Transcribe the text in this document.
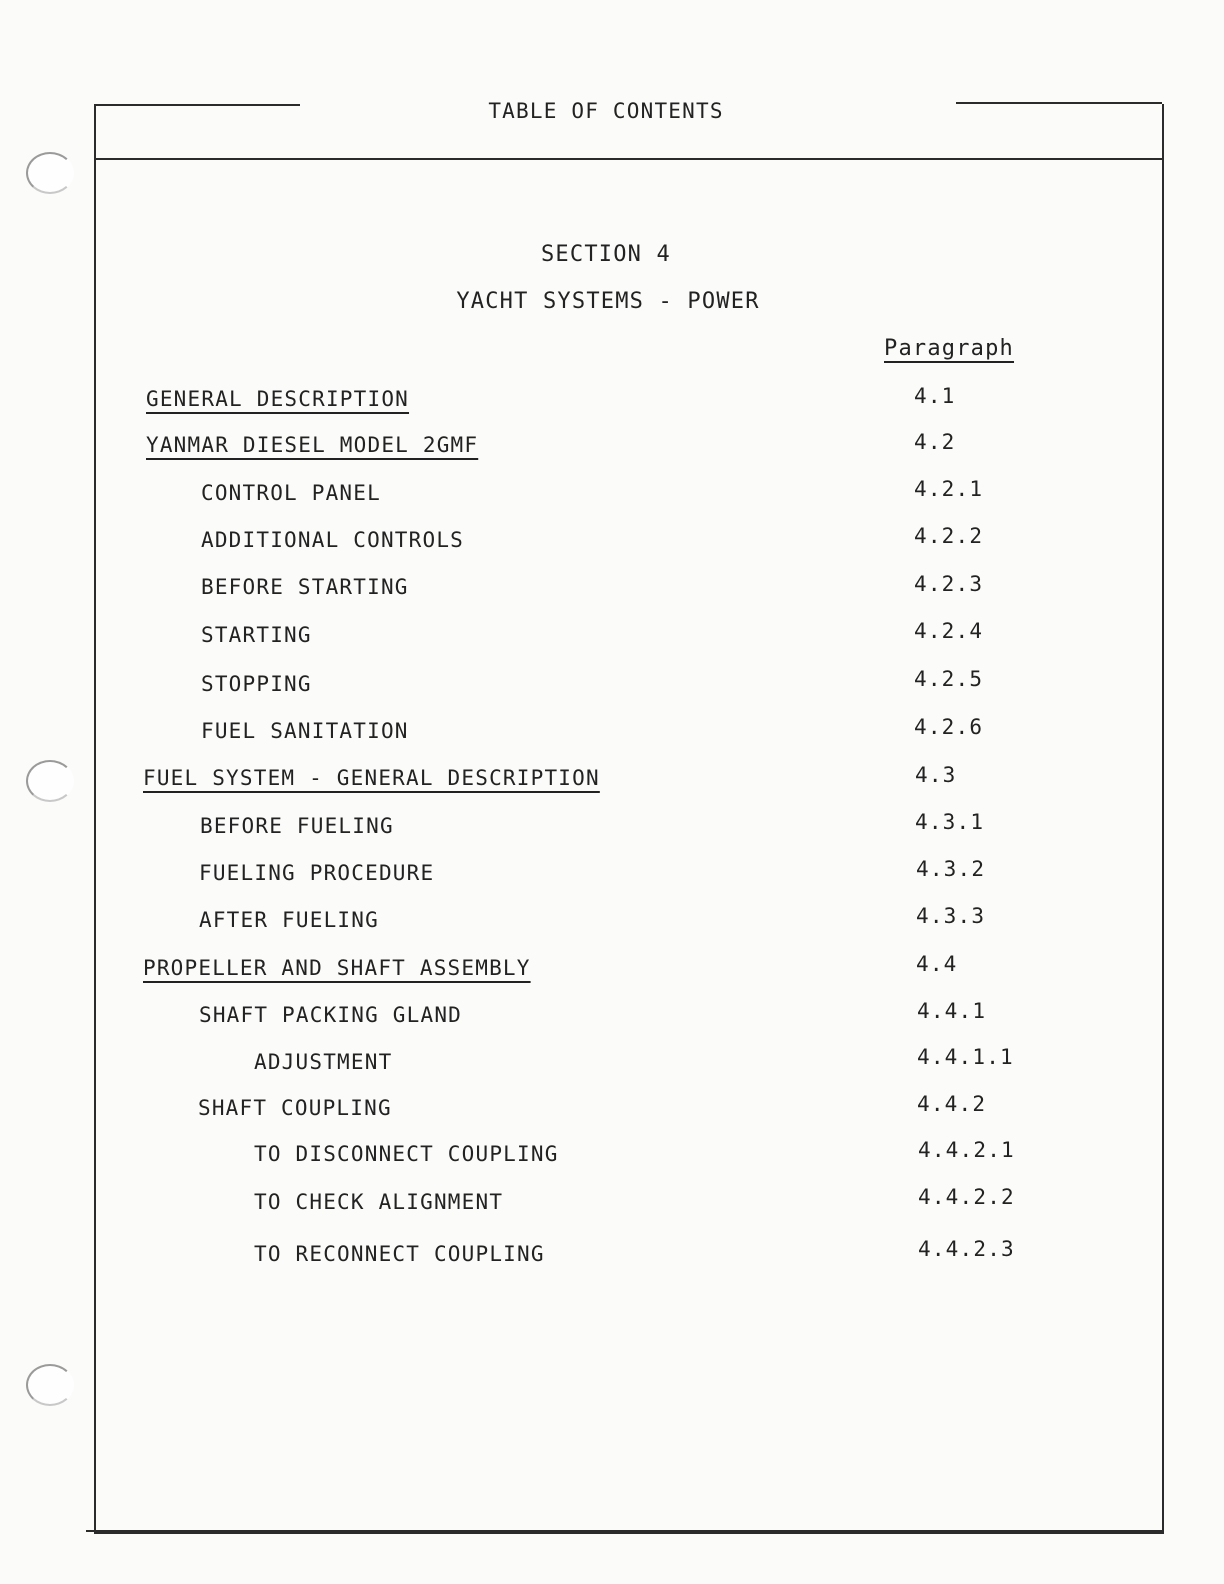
TABLE OF CONTENTS
SECTION 4
YACHT SYSTEMS - POWER
Paragraph
GENERAL DESCRIPTION	4.1
YANMAR DIESEL MODEL 2GMF	4.2
CONTROL PANEL	4.2.1
ADDITIONAL CONTROLS	4.2.2
BEFORE STARTING	4.2.3
STARTING	4.2.4
STOPPING	4.2.5
FUEL SANITATION	4.2.6
FUEL SYSTEM - GENERAL DESCRIPTION	4.3
BEFORE FUELING	4.3.1
FUELING PROCEDURE	4.3.2
AFTER FUELING	4.3.3
PROPELLER AND SHAFT ASSEMBLY	4.4
SHAFT PACKING GLAND	4.4.1
ADJUSTMENT	4.4.1.1
SHAFT COUPLING	4.4.2
TO DISCONNECT COUPLING	4.4.2.1
TO CHECK ALIGNMENT	4.4.2.2
TO RECONNECT COUPLING	4.4.2.3
